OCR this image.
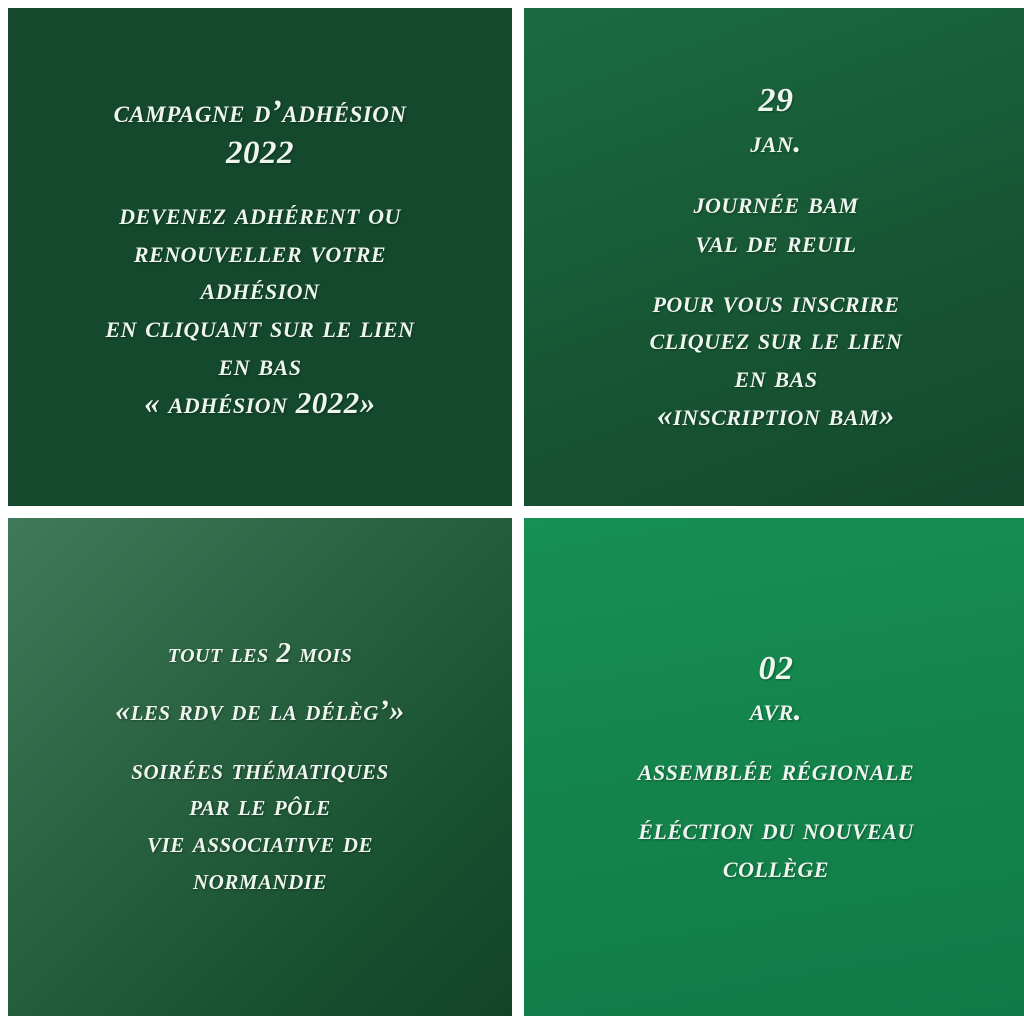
campagne d’adhésion
2022
devenez adhérent ou
renouveller votre
adhésion
en cliquant sur le lien
en bas
« adhésion 2022»
29
jan.
journée bam
val de reuil
pour vous inscrire
cliquez sur le lien
en bas
«inscription bam»
tout les 2 mois
«les rdv de la délèg’»
soirées thématiques
par le pôle
vie associative de
normandie
02
avr.
assemblée régionale
éléction du nouveau
collège
